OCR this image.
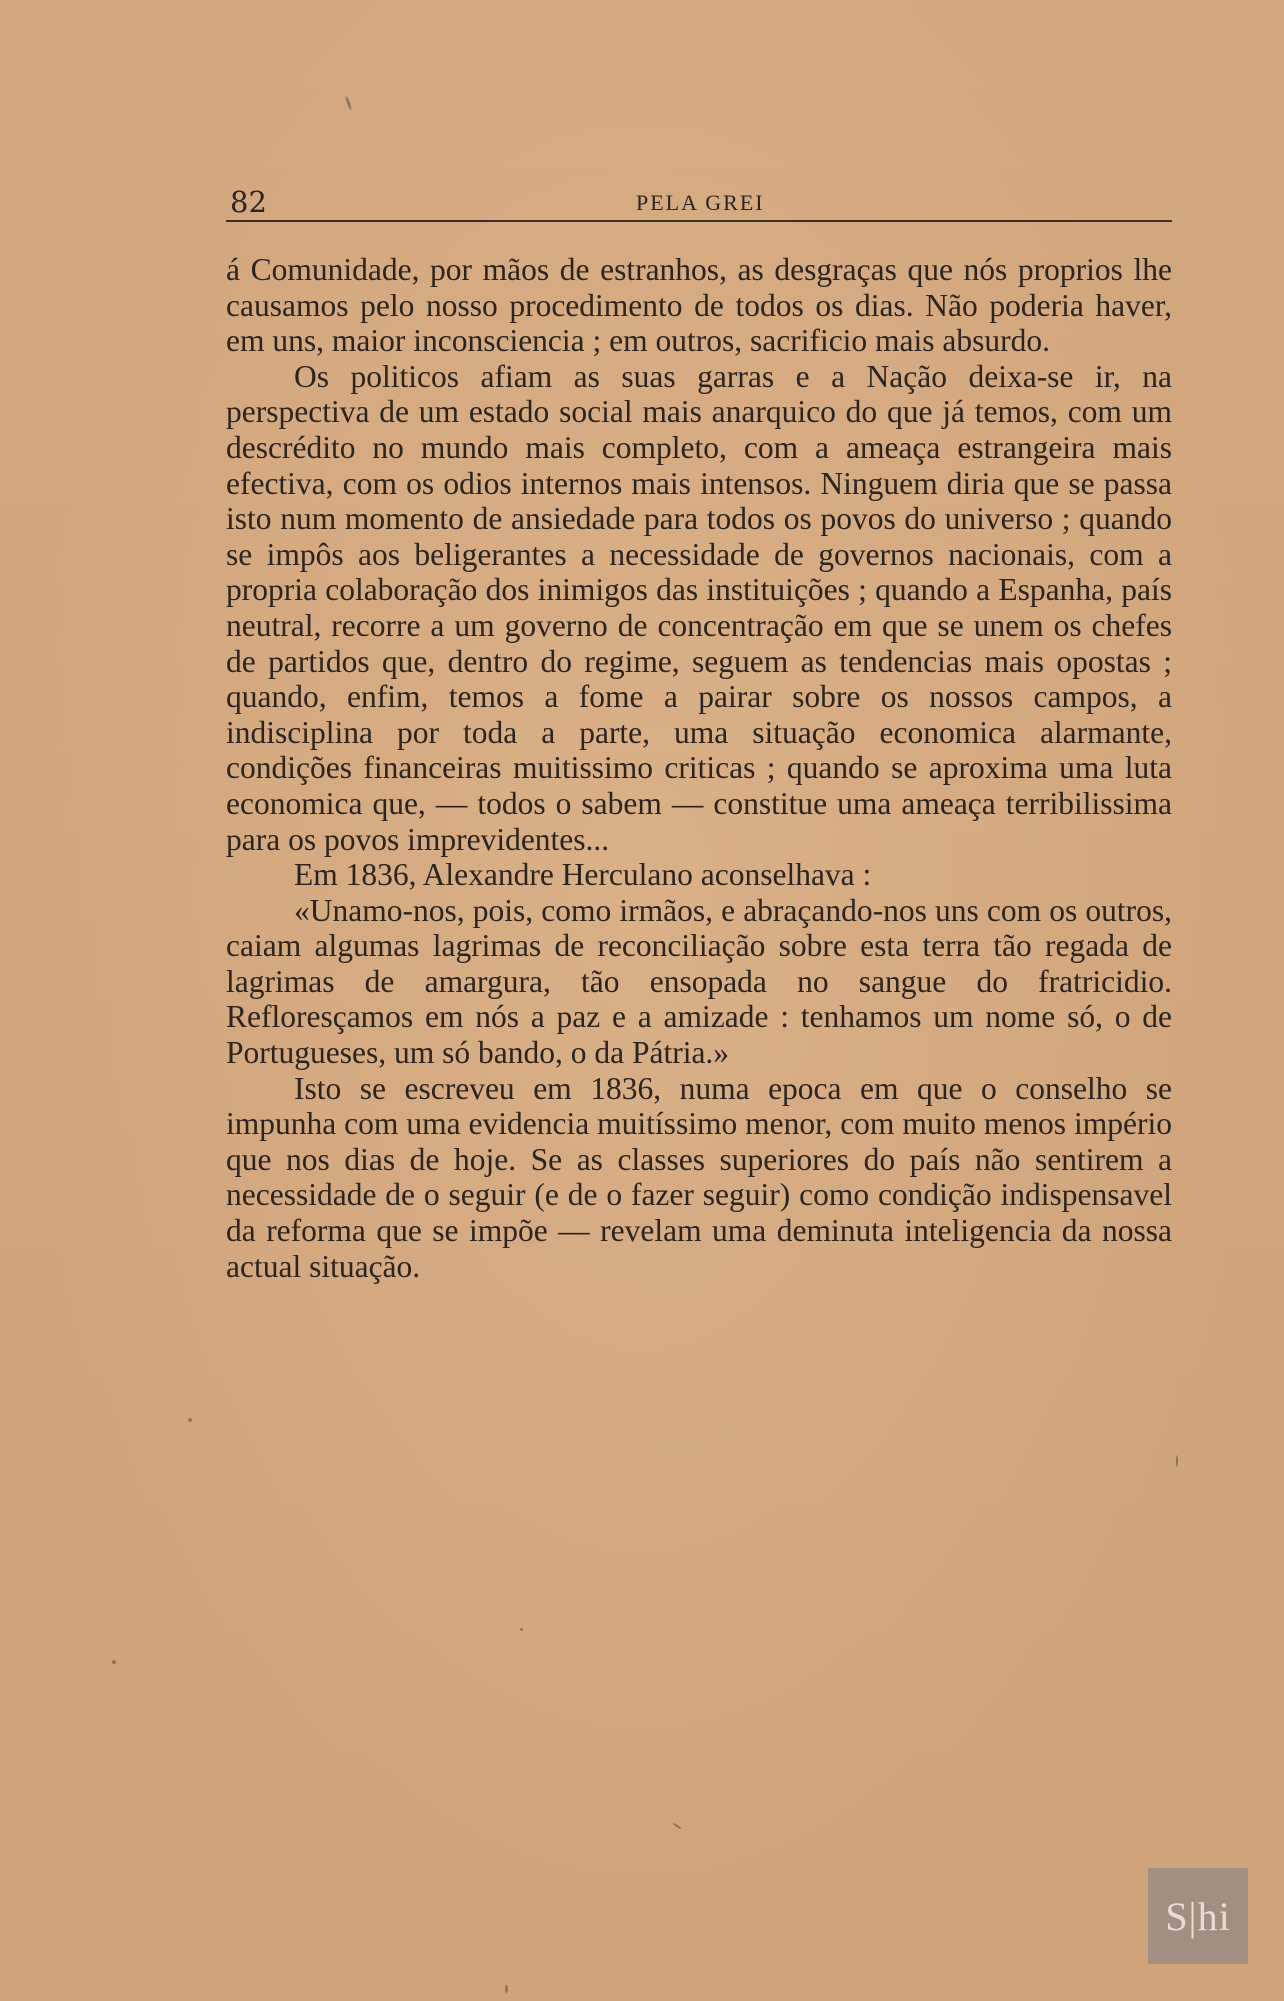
82	PELA GREI

á Comunidade, por mãos de estranhos, as desgraças que nós proprios lhe causamos pelo nosso procedimento de todos os dias. Não poderia haver, em uns, maior inconsciencia ; em outros, sacrificio mais absurdo.

Os politicos afiam as suas garras e a Nação deixa-se ir, na perspectiva de um estado social mais anarquico do que já temos, com um descrédito no mundo mais completo, com a ameaça estrangeira mais efectiva, com os odios internos mais intensos. Ninguem diria que se passa isto num momento de ansiedade para todos os povos do universo ; quando se impôs aos beligerantes a necessidade de governos nacionais, com a propria colaboração dos inimigos das instituições ; quando a Espanha, país neutral, recorre a um governo de concentração em que se unem os chefes de partidos que, dentro do regime, seguem as tendencias mais opostas ; quando, enfim, temos a fome a pairar sobre os nossos campos, a indisciplina por toda a parte, uma situação economica alarmante, condições financeiras muitissimo criticas ; quando se aproxima uma luta economica que, — todos o sabem — constitue uma ameaça terribilissima para os povos imprevidentes...

Em 1836, Alexandre Herculano aconselhava :

«Unamo-nos, pois, como irmãos, e abraçando-nos uns com os outros, caiam algumas lagrimas de reconciliação sobre esta terra tão regada de lagrimas de amargura, tão ensopada no sangue do fratricidio. Refloresçamos em nós a paz e a amizade : tenhamos um nome só, o de Portugueses, um só bando, o da Pátria.»

Isto se escreveu em 1836, numa epoca em que o conselho se impunha com uma evidencia muitíssimo menor, com muito menos império que nos dias de hoje. Se as classes superiores do país não sentirem a necessidade de o seguir (e de o fazer seguir) como condição indispensavel da reforma que se impõe — revelam uma deminuta inteligencia da nossa actual situação.

S|hi
